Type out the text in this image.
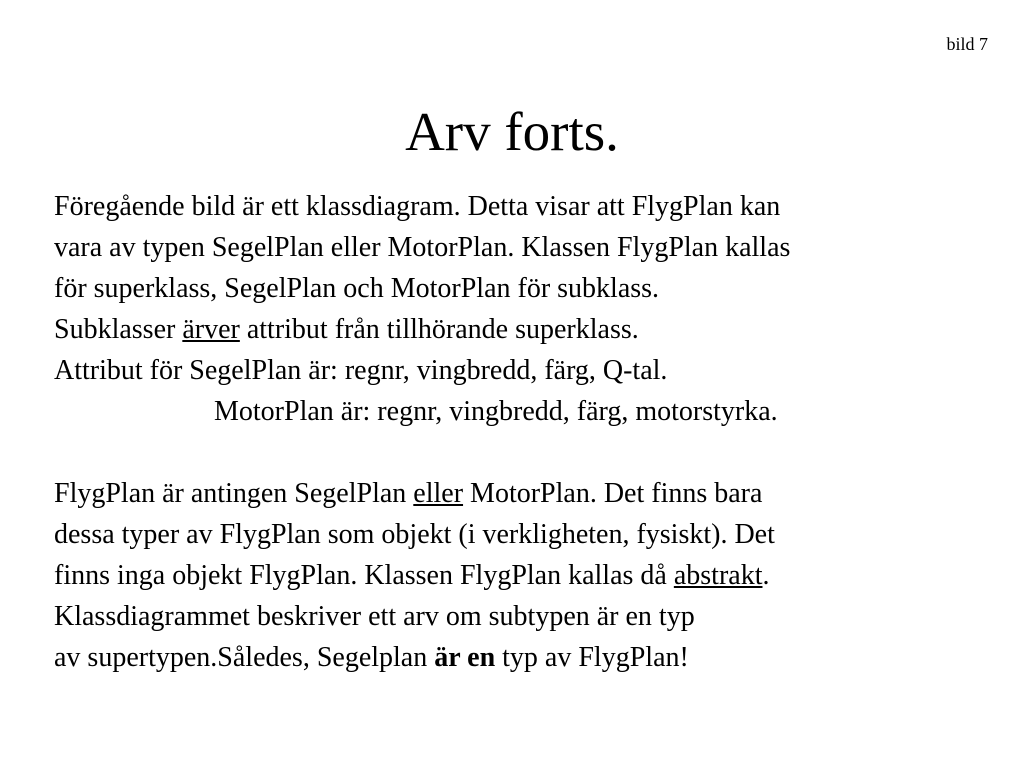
bild 7
Arv forts.
Föregående bild är ett klassdiagram. Detta visar att FlygPlan kan
vara av typen SegelPlan eller MotorPlan. Klassen FlygPlan kallas
för superklass, SegelPlan och MotorPlan för subklass.
Subklasser ärver attribut från tillhörande superklass.
Attribut för SegelPlan är: regnr, vingbredd, färg, Q-tal.
MotorPlan är: regnr, vingbredd, färg, motorstyrka.
FlygPlan är antingen SegelPlan eller MotorPlan. Det finns bara
dessa typer av FlygPlan som objekt (i verkligheten, fysiskt). Det
finns inga objekt FlygPlan. Klassen FlygPlan kallas då abstrakt.
Klassdiagrammet beskriver ett arv om subtypen är en typ
av supertypen.Således, Segelplan är en typ av FlygPlan!
